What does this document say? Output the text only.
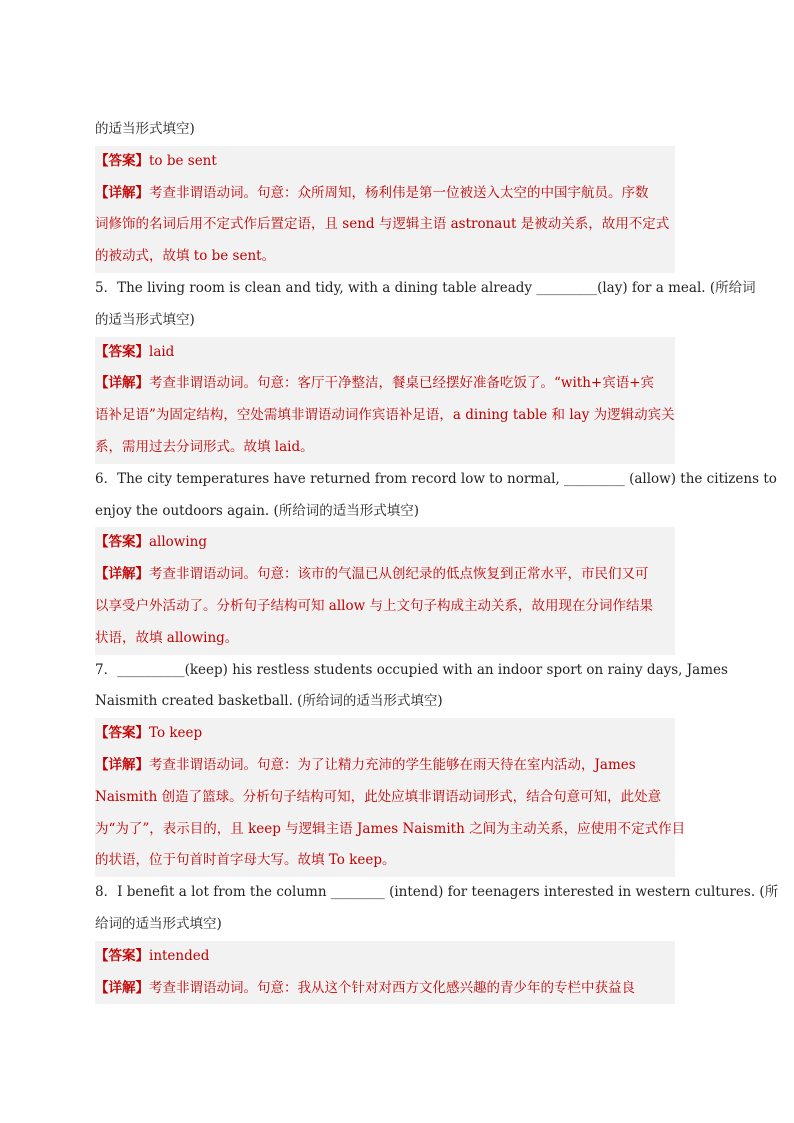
的适当形式填空)
【答案】to be sent
【详解】考查非谓语动词。句意：众所周知，杨利伟是第一位被送入太空的中国宇航员。序数
词修饰的名词后用不定式作后置定语，且 send 与逻辑主语 astronaut 是被动关系，故用不定式
的被动式，故填 to be sent。
5．The living room is clean and tidy, with a dining table already _________(lay) for a meal. (所给词
的适当形式填空)
【答案】laid
【详解】考查非谓语动词。句意：客厅干净整洁，餐桌已经摆好准备吃饭了。“with+宾语+宾
语补足语”为固定结构，空处需填非谓语动词作宾语补足语，a dining table 和 lay 为逻辑动宾关
系，需用过去分词形式。故填 laid。
6．The city temperatures have returned from record low to normal, _________ (allow) the citizens to
enjoy the outdoors again. (所给词的适当形式填空)
【答案】allowing
【详解】考查非谓语动词。句意：该市的气温已从创纪录的低点恢复到正常水平，市民们又可
以享受户外活动了。分析句子结构可知 allow 与上文句子构成主动关系，故用现在分词作结果
状语，故填 allowing。
7．__________(keep) his restless students occupied with an indoor sport on rainy days, James
Naismith created basketball. (所给词的适当形式填空)
【答案】To keep
【详解】考查非谓语动词。句意：为了让精力充沛的学生能够在雨天待在室内活动，James
Naismith 创造了篮球。分析句子结构可知，此处应填非谓语动词形式，结合句意可知，此处意
为“为了”，表示目的，且 keep 与逻辑主语 James Naismith 之间为主动关系，应使用不定式作目
的状语，位于句首时首字母大写。故填 To keep。
8．I benefit a lot from the column ________ (intend) for teenagers interested in western cultures. (所
给词的适当形式填空)
【答案】intended
【详解】考查非谓语动词。句意：我从这个针对对西方文化感兴趣的青少年的专栏中获益良
